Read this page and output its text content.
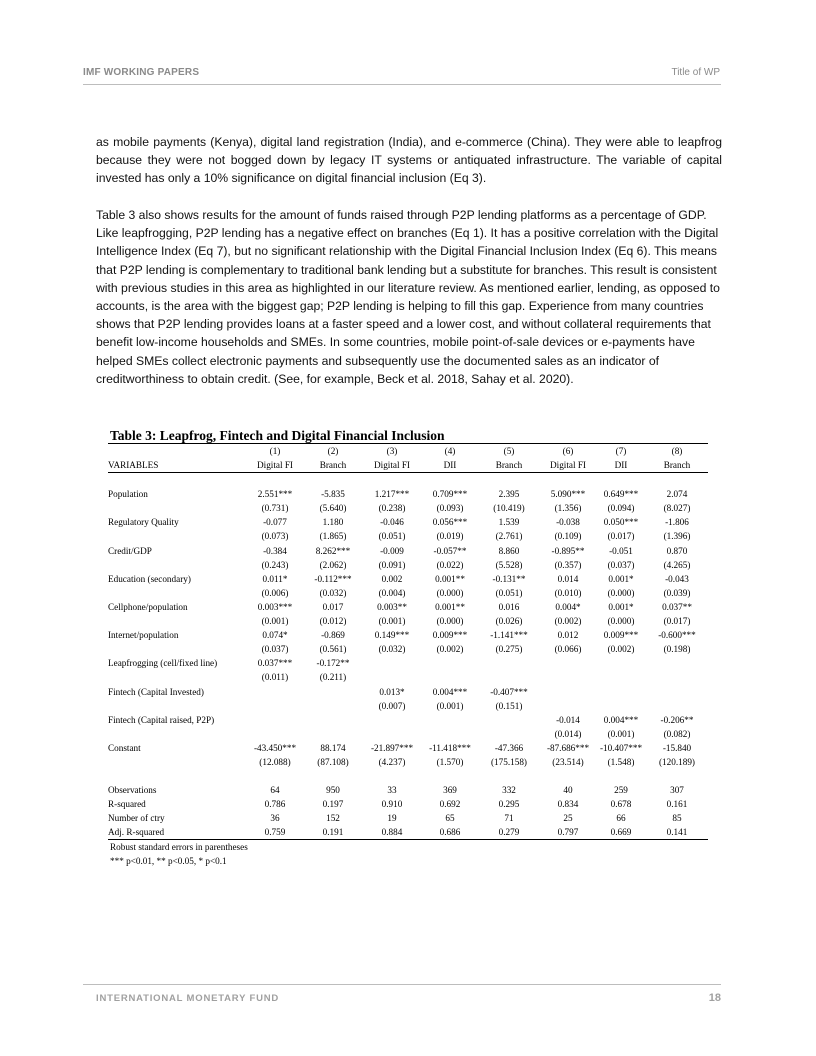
IMF WORKING PAPERS	Title of WP

as mobile payments (Kenya), digital land registration (India), and e-commerce (China). They were able to leapfrog because they were not bogged down by legacy IT systems or antiquated infrastructure. The variable of capital invested has only a 10% significance on digital financial inclusion (Eq 3).

Table 3 also shows results for the amount of funds raised through P2P lending platforms as a percentage of GDP. Like leapfrogging, P2P lending has a negative effect on branches (Eq 1). It has a positive correlation with the Digital Intelligence Index (Eq 7), but no significant relationship with the Digital Financial Inclusion Index (Eq 6). This means that P2P lending is complementary to traditional bank lending but a substitute for branches. This result is consistent with previous studies in this area as highlighted in our literature review. As mentioned earlier, lending, as opposed to accounts, is the area with the biggest gap; P2P lending is helping to fill this gap. Experience from many countries shows that P2P lending provides loans at a faster speed and a lower cost, and without collateral requirements that benefit low-income households and SMEs. In some countries, mobile point-of-sale devices or e-payments have helped SMEs collect electronic payments and subsequently use the documented sales as an indicator of creditworthiness to obtain credit. (See, for example, Beck et al. 2018, Sahay et al. 2020).

Table 3: Leapfrog, Fintech and Digital Financial Inclusion
	(1)	(2)	(3)	(4)	(5)	(6)	(7)	(8)
VARIABLES	Digital FI	Branch	Digital FI	DII	Branch	Digital FI	DII	Branch

Population	2.551***	-5.835	1.217***	0.709***	2.395	5.090***	0.649***	2.074
	(0.731)	(5.640)	(0.238)	(0.093)	(10.419)	(1.356)	(0.094)	(8.027)
Regulatory Quality	-0.077	1.180	-0.046	0.056***	1.539	-0.038	0.050***	-1.806
	(0.073)	(1.865)	(0.051)	(0.019)	(2.761)	(0.109)	(0.017)	(1.396)
Credit/GDP	-0.384	8.262***	-0.009	-0.057**	8.860	-0.895**	-0.051	0.870
	(0.243)	(2.062)	(0.091)	(0.022)	(5.528)	(0.357)	(0.037)	(4.265)
Education (secondary)	0.011*	-0.112***	0.002	0.001**	-0.131**	0.014	0.001*	-0.043
	(0.006)	(0.032)	(0.004)	(0.000)	(0.051)	(0.010)	(0.000)	(0.039)
Cellphone/population	0.003***	0.017	0.003**	0.001**	0.016	0.004*	0.001*	0.037**
	(0.001)	(0.012)	(0.001)	(0.000)	(0.026)	(0.002)	(0.000)	(0.017)
Internet/population	0.074*	-0.869	0.149***	0.009***	-1.141***	0.012	0.009***	-0.600***
	(0.037)	(0.561)	(0.032)	(0.002)	(0.275)	(0.066)	(0.002)	(0.198)
Leapfrogging (cell/fixed line)	0.037***	-0.172**						
	(0.011)	(0.211)						
Fintech (Capital Invested)			0.013*	0.004***	-0.407***			
			(0.007)	(0.001)	(0.151)			
Fintech (Capital raised, P2P)						-0.014	0.004***	-0.206**
						(0.014)	(0.001)	(0.082)
Constant	-43.450***	88.174	-21.897***	-11.418***	-47.366	-87.686***	-10.407***	-15.840
	(12.088)	(87.108)	(4.237)	(1.570)	(175.158)	(23.514)	(1.548)	(120.189)

Observations	64	950	33	369	332	40	259	307
R-squared	0.786	0.197	0.910	0.692	0.295	0.834	0.678	0.161
Number of ctry	36	152	19	65	71	25	66	85
Adj. R-squared	0.759	0.191	0.884	0.686	0.279	0.797	0.669	0.141
Robust standard errors in parentheses
*** p<0.01, ** p<0.05, * p<0.1
INTERNATIONAL MONETARY FUND	18
